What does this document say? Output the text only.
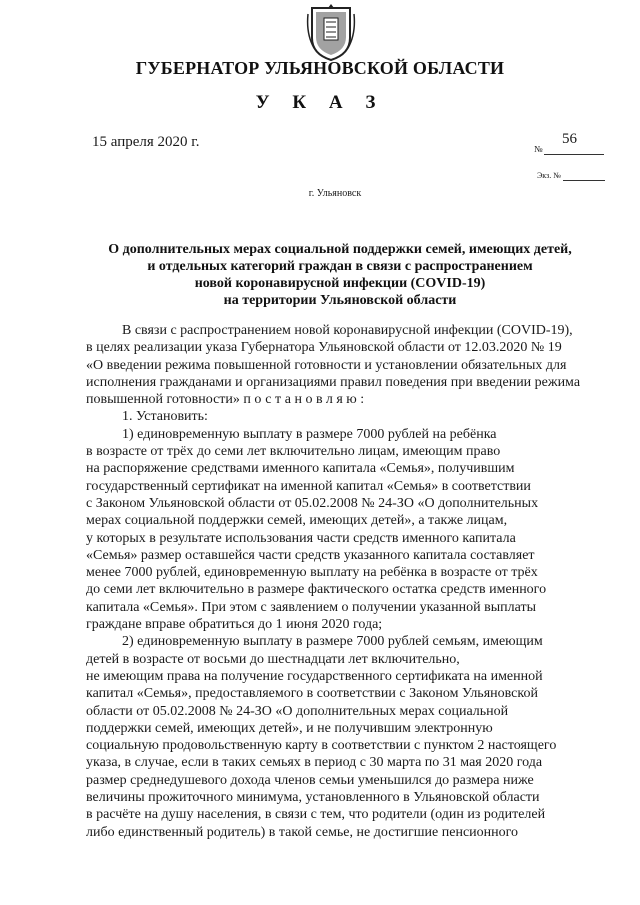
ГУБЕРНАТОР УЛЬЯНОВСКОЙ ОБЛАСТИ
У К А З
15 апреля 2020 г.	№
56
Экз. №
г. Ульяновск
О дополнительных мерах социальной поддержки семей, имеющих детей,
и отдельных категорий граждан в связи с распространением
новой коронавирусной инфекции (COVID-19)
на территории Ульяновской области
В связи с распространением новой коронавирусной инфекции (COVID-19),
в целях реализации указа Губернатора Ульяновской области от 12.03.2020 № 19
«О введении режима повышенной готовности и установлении обязательных для
исполнения гражданами и организациями правил поведения при введении режима
повышенной готовности» постановляю:
1. Установить:
1) единовременную выплату в размере 7000 рублей на ребёнка
в возрасте от трёх до семи лет включительно лицам, имеющим право
на распоряжение средствами именного капитала «Семья», получившим
государственный сертификат на именной капитал «Семья» в соответствии
с Законом Ульяновской области от 05.02.2008 № 24-ЗО «О дополнительных
мерах социальной поддержки семей, имеющих детей», а также лицам,
у которых в результате использования части средств именного капитала
«Семья» размер оставшейся части средств указанного капитала составляет
менее 7000 рублей, единовременную выплату на ребёнка в возрасте от трёх
до семи лет включительно в размере фактического остатка средств именного
капитала «Семья». При этом с заявлением о получении указанной выплаты
граждане вправе обратиться до 1 июня 2020 года;
2) единовременную выплату в размере 7000 рублей семьям, имеющим
детей в возрасте от восьми до шестнадцати лет включительно,
не имеющим права на получение государственного сертификата на именной
капитал «Семья», предоставляемого в соответствии с Законом Ульяновской
области от 05.02.2008 № 24-ЗО «О дополнительных мерах социальной
поддержки семей, имеющих детей», и не получившим электронную
социальную продовольственную карту в соответствии с пунктом 2 настоящего
указа, в случае, если в таких семьях в период с 30 марта по 31 мая 2020 года
размер среднедушевого дохода членов семьи уменьшился до размера ниже
величины прожиточного минимума, установленного в Ульяновской области
в расчёте на душу населения, в связи с тем, что родители (один из родителей
либо единственный родитель) в такой семье, не достигшие пенсионного
